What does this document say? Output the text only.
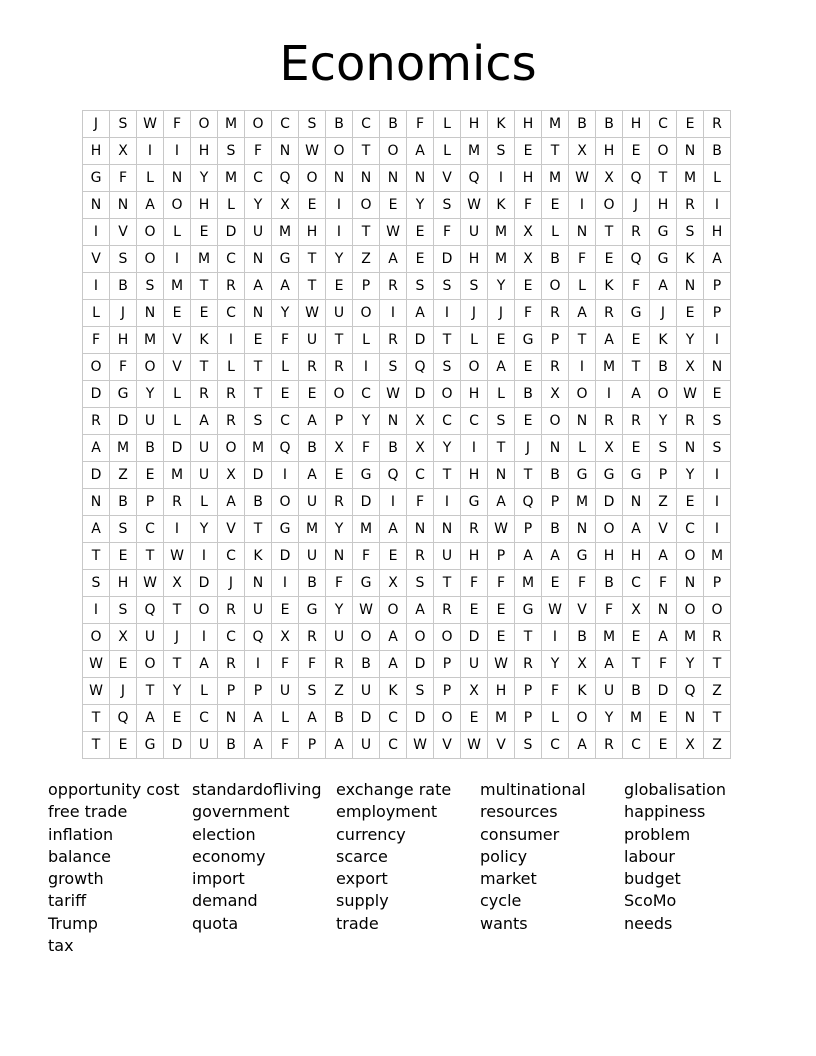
Economics
J	S	W	F	O	M	O	C	S	B	C	B	F	L	H	K	H	M	B	B	H	C	E	R
H	X	I	I	H	S	F	N	W	O	T	O	A	L	M	S	E	T	X	H	E	O	N	B
G	F	L	N	Y	M	C	Q	O	N	N	N	N	V	Q	I	H	M	W	X	Q	T	M	L
N	N	A	O	H	L	Y	X	E	I	O	E	Y	S	W	K	F	E	I	O	J	H	R	I
I	V	O	L	E	D	U	M	H	I	T	W	E	F	U	M	X	L	N	T	R	G	S	H
V	S	O	I	M	C	N	G	T	Y	Z	A	E	D	H	M	X	B	F	E	Q	G	K	A
I	B	S	M	T	R	A	A	T	E	P	R	S	S	S	Y	E	O	L	K	F	A	N	P
L	J	N	E	E	C	N	Y	W	U	O	I	A	I	J	J	F	R	A	R	G	J	E	P
F	H	M	V	K	I	E	F	U	T	L	R	D	T	L	E	G	P	T	A	E	K	Y	I
O	F	O	V	T	L	T	L	R	R	I	S	Q	S	O	A	E	R	I	M	T	B	X	N
D	G	Y	L	R	R	T	E	E	O	C	W	D	O	H	L	B	X	O	I	A	O	W	E
R	D	U	L	A	R	S	C	A	P	Y	N	X	C	C	S	E	O	N	R	R	Y	R	S
A	M	B	D	U	O	M	Q	B	X	F	B	X	Y	I	T	J	N	L	X	E	S	N	S
D	Z	E	M	U	X	D	I	A	E	G	Q	C	T	H	N	T	B	G	G	G	P	Y	I
N	B	P	R	L	A	B	O	U	R	D	I	F	I	G	A	Q	P	M	D	N	Z	E	I
A	S	C	I	Y	V	T	G	M	Y	M	A	N	N	R	W	P	B	N	O	A	V	C	I
T	E	T	W	I	C	K	D	U	N	F	E	R	U	H	P	A	A	G	H	H	A	O	M
S	H	W	X	D	J	N	I	B	F	G	X	S	T	F	F	M	E	F	B	C	F	N	P
I	S	Q	T	O	R	U	E	G	Y	W	O	A	R	E	E	G	W	V	F	X	N	O	O
O	X	U	J	I	C	Q	X	R	U	O	A	O	O	D	E	T	I	B	M	E	A	M	R
W	E	O	T	A	R	I	F	F	R	B	A	D	P	U	W	R	Y	X	A	T	F	Y	T
W	J	T	Y	L	P	P	U	S	Z	U	K	S	P	X	H	P	F	K	U	B	D	Q	Z
T	Q	A	E	C	N	A	L	A	B	D	C	D	O	E	M	P	L	O	Y	M	E	N	T
T	E	G	D	U	B	A	F	P	A	U	C	W	V	W	V	S	C	A	R	C	E	X	Z
opportunity cost
free trade
inflation
balance
growth
tariff
Trump
tax
standardofliving
government
election
economy
import
demand
quota
exchange rate
employment
currency
scarce
export
supply
trade
multinational
resources
consumer
policy
market
cycle
wants
globalisation
happiness
problem
labour
budget
ScoMo
needs
